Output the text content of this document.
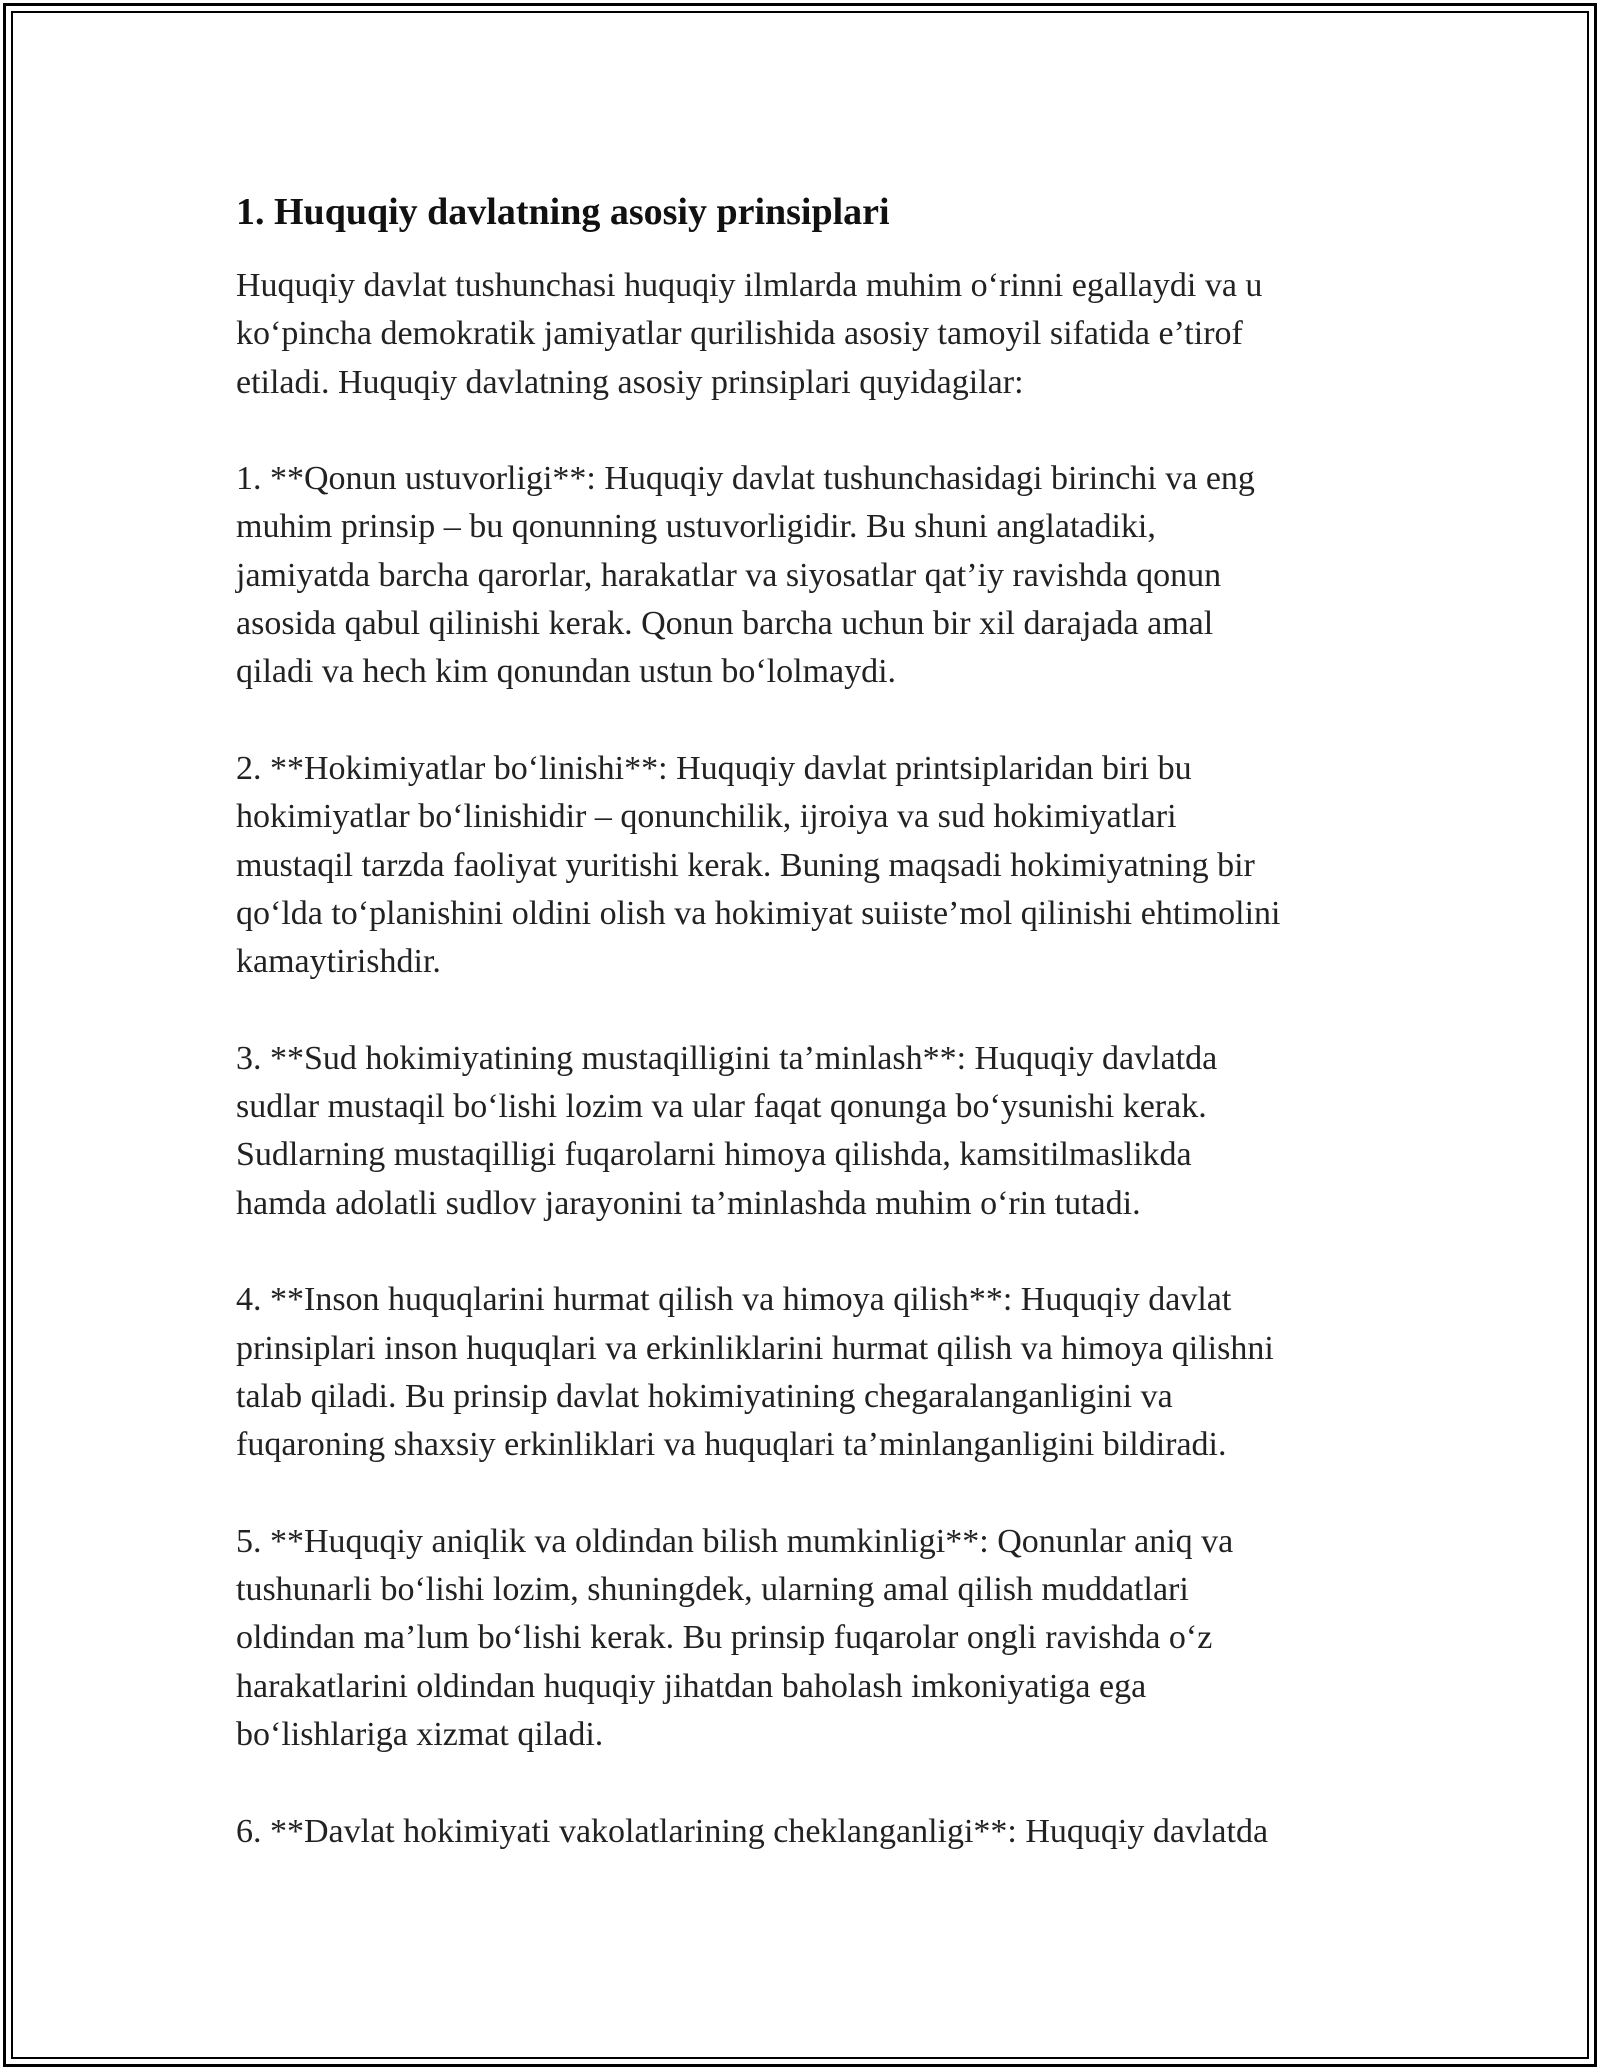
1. Huquqiy davlatning asosiy prinsiplari

Huquqiy davlat tushunchasi huquqiy ilmlarda muhim o‘rinni egallaydi va u
ko‘pincha demokratik jamiyatlar qurilishida asosiy tamoyil sifatida e’tirof
etiladi. Huquqiy davlatning asosiy prinsiplari quyidagilar:

1. **Qonun ustuvorligi**: Huquqiy davlat tushunchasidagi birinchi va eng
muhim prinsip – bu qonunning ustuvorligidir. Bu shuni anglatadiki,
jamiyatda barcha qarorlar, harakatlar va siyosatlar qat’iy ravishda qonun
asosida qabul qilinishi kerak. Qonun barcha uchun bir xil darajada amal
qiladi va hech kim qonundan ustun bo‘lolmaydi.

2. **Hokimiyatlar bo‘linishi**: Huquqiy davlat printsiplaridan biri bu
hokimiyatlar bo‘linishidir – qonunchilik, ijroiya va sud hokimiyatlari
mustaqil tarzda faoliyat yuritishi kerak. Buning maqsadi hokimiyatning bir
qo‘lda to‘planishini oldini olish va hokimiyat suiiste’mol qilinishi ehtimolini
kamaytirishdir.

3. **Sud hokimiyatining mustaqilligini ta’minlash**: Huquqiy davlatda
sudlar mustaqil bo‘lishi lozim va ular faqat qonunga bo‘ysunishi kerak.
Sudlarning mustaqilligi fuqarolarni himoya qilishda, kamsitilmaslikda
hamda adolatli sudlov jarayonini ta’minlashda muhim o‘rin tutadi.

4. **Inson huquqlarini hurmat qilish va himoya qilish**: Huquqiy davlat
prinsiplari inson huquqlari va erkinliklarini hurmat qilish va himoya qilishni
talab qiladi. Bu prinsip davlat hokimiyatining chegaralanganligini va
fuqaroning shaxsiy erkinliklari va huquqlari ta’minlanganligini bildiradi.

5. **Huquqiy aniqlik va oldindan bilish mumkinligi**: Qonunlar aniq va
tushunarli bo‘lishi lozim, shuningdek, ularning amal qilish muddatlari
oldindan ma’lum bo‘lishi kerak. Bu prinsip fuqarolar ongli ravishda o‘z
harakatlarini oldindan huquqiy jihatdan baholash imkoniyatiga ega
bo‘lishlariga xizmat qiladi.

6. **Davlat hokimiyati vakolatlarining cheklanganligi**: Huquqiy davlatda
